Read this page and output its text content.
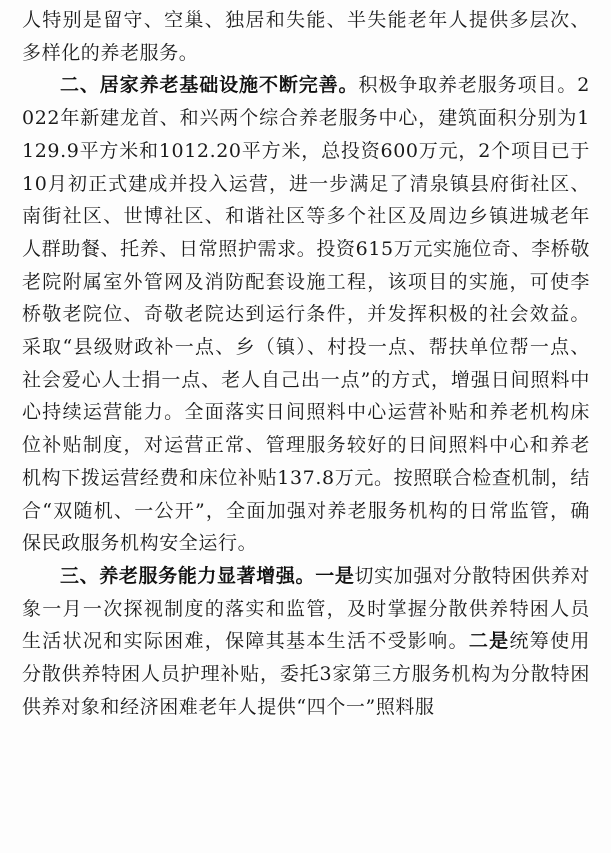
人特别是留守、空巢、独居和失能、半失能老年人提供多层次、多样化的养老服务。

二、居家养老基础设施不断完善。积极争取养老服务项目。2022年新建龙首、和兴两个综合养老服务中心，建筑面积分别为1129.9平方米和1012.20平方米，总投资600万元，2个项目已于10月初正式建成并投入运营，进一步满足了清泉镇县府街社区、南街社区、世博社区、和谐社区等多个社区及周边乡镇进城老年人群助餐、托养、日常照护需求。投资615万元实施位奇、李桥敬老院附属室外管网及消防配套设施工程，该项目的实施，可使李桥敬老院位、奇敬老院达到运行条件，并发挥积极的社会效益。采取“县级财政补一点、乡（镇）、村投一点、帮扶单位帮一点、社会爱心人士捐一点、老人自己出一点”的方式，增强日间照料中心持续运营能力。全面落实日间照料中心运营补贴和养老机构床位补贴制度，对运营正常、管理服务较好的日间照料中心和养老机构下拨运营经费和床位补贴137.8万元。按照联合检查机制，结合“双随机、一公开”，全面加强对养老服务机构的日常监管，确保民政服务机构安全运行。

三、养老服务能力显著增强。一是切实加强对分散特困供养对象一月一次探视制度的落实和监管，及时掌握分散供养特困人员生活状况和实际困难，保障其基本生活不受影响。二是统筹使用分散供养特困人员护理补贴，委托3家第三方服务机构为分散特困供养对象和经济困难老年人提供“四个一”照料服
